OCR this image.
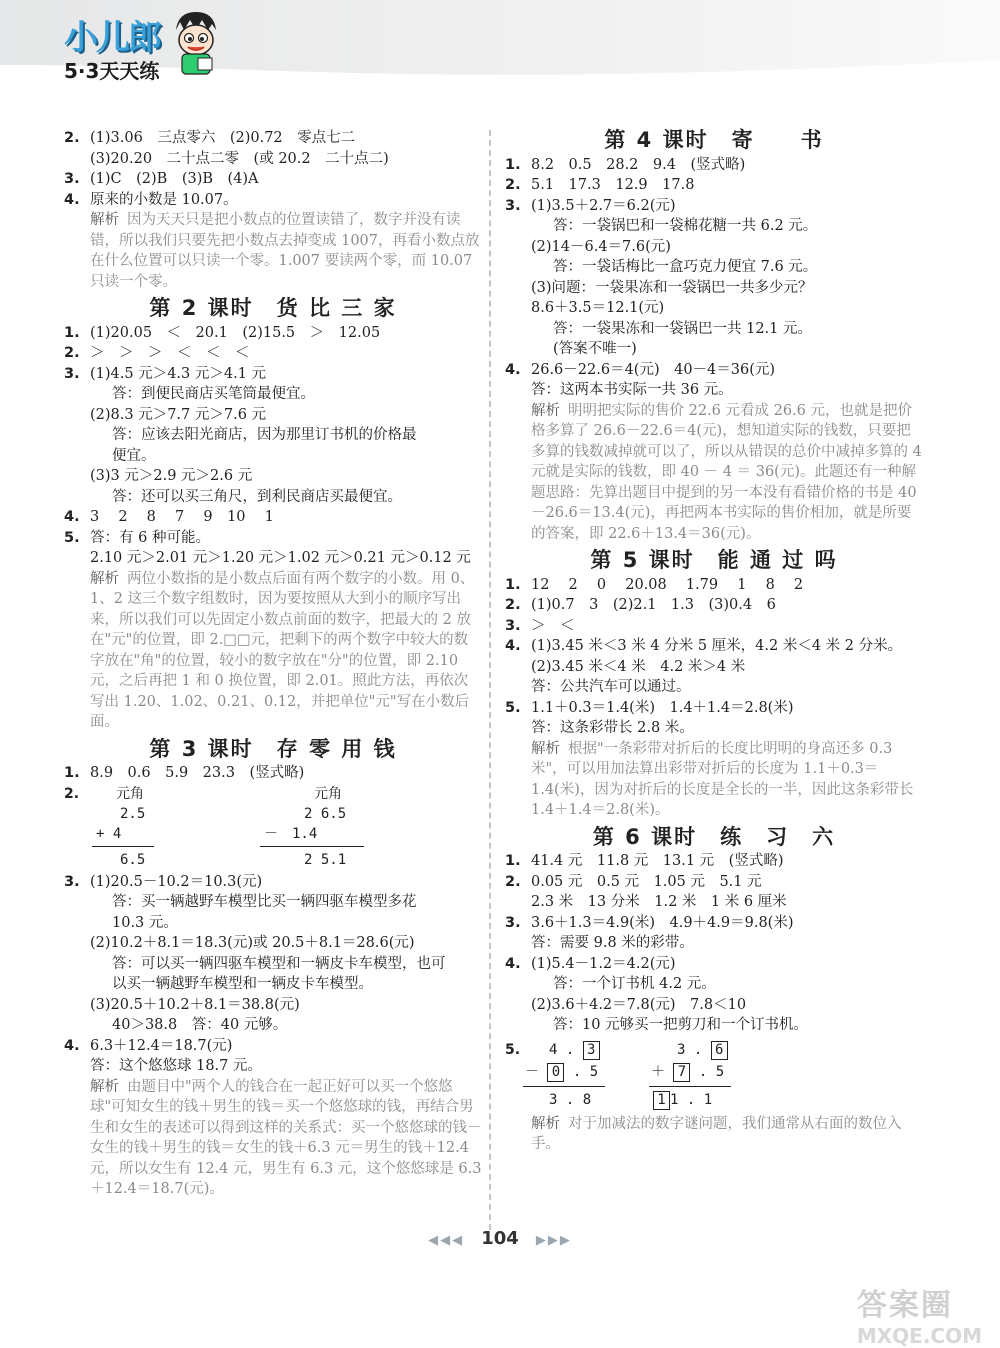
小儿郎
5·3天天练
2. (1)3.06　三点零六　(2)0.72　零点七二
(3)20.20　二十点二零　(或 20.2　二十点二)
3. (1)C　(2)B　(3)B　(4)A
4. 原来的小数是 10.07。
解析 因为天天只是把小数点的位置读错了，数字并没有读错，所以我们只要先把小数点去掉变成 1007，再看小数点放在什么位置可以只读一个零。1.007 要读两个零，而 10.07 只读一个零。
第 2 课时　货 比 三 家
1. (1)20.05　＜　20.1　(2)15.5　＞　12.05
2. ＞　＞　＞　＜　＜　＜
3. (1)4.5 元＞4.3 元＞4.1 元
答：到便民商店买笔筒最便宜。
(2)8.3 元＞7.7 元＞7.6 元
答：应该去阳光商店，因为那里订书机的价格最
便宜。
(3)3 元＞2.9 元＞2.6 元
答：还可以买三角尺，到利民商店买最便宜。
4. 3　 2　 8　 7　 9　10　 1
5. 答：有 6 种可能。
2.10 元＞2.01 元＞1.20 元＞1.02 元＞0.21 元＞0.12 元
解析 两位小数指的是小数点后面有两个数字的小数。用 0、1、2 这三个数字组数时，因为要按照从大到小的顺序写出来，所以我们可以先固定小数点前面的数字，把最大的 2 放在"元"的位置，即 2.□□元，把剩下的两个数字中较大的数字放在"角"的位置，较小的数字放在"分"的位置，即 2.10 元，之后再把 1 和 0 换位置，即 2.01。照此方法，再依次写出 1.20、1.02、0.21、0.12，并把单位"元"写在小数后面。
第 3 课时　存 零 用 钱
1. 8.9　0.6　5.9　23.3　(竖式略)
2.	元角
2.5
+ 4
6.5
元角
2 6.5
－　1.4
2 5.1
3. (1)20.5－10.2＝10.3(元)
答：买一辆越野车模型比买一辆四驱车模型多花
10.3 元。
(2)10.2＋8.1＝18.3(元)或 20.5＋8.1＝28.6(元)
答：可以买一辆四驱车模型和一辆皮卡车模型，也可
以买一辆越野车模型和一辆皮卡车模型。
(3)20.5＋10.2＋8.1＝38.8(元)
40＞38.8　答：40 元够。
4. 6.3＋12.4＝18.7(元)
答：这个悠悠球 18.7 元。
解析 由题目中"两个人的钱合在一起正好可以买一个悠悠球"可知女生的钱＋男生的钱＝买一个悠悠球的钱，再结合男生和女生的表述可以得到这样的关系式：买一个悠悠球的钱－女生的钱＋男生的钱＝女生的钱＋6.3 元＝男生的钱＋12.4 元，所以女生有 12.4 元，男生有 6.3 元，这个悠悠球是 6.3＋12.4＝18.7(元)。
第 4 课时　寄　　书
1. 8.2　0.5　28.2　9.4　(竖式略)
2. 5.1　17.3　12.9　17.8
3. (1)3.5＋2.7＝6.2(元)
答：一袋锅巴和一袋棉花糖一共 6.2 元。
(2)14－6.4＝7.6(元)
答：一袋话梅比一盒巧克力便宜 7.6 元。
(3)问题：一袋果冻和一袋锅巴一共多少元？
8.6＋3.5＝12.1(元)
答：一袋果冻和一袋锅巴一共 12.1 元。
(答案不唯一)
4. 26.6－22.6＝4(元)　40－4＝36(元)
答：这两本书实际一共 36 元。
解析 明明把实际的售价 22.6 元看成 26.6 元，也就是把价格多算了 26.6－22.6＝4(元)，想知道实际的钱数，只要把多算的钱数减掉就可以了，所以从错误的总价中减掉多算的 4 元就是实际的钱数，即 40 － 4 ＝ 36(元)。此题还有一种解题思路：先算出题目中提到的另一本没有看错价格的书是 40－26.6＝13.4(元)，再把两本书实际的售价相加，就是所要的答案，即 22.6＋13.4＝36(元)。
第 5 课时　能 通 过 吗
1. 12　 2　 0　 20.08　 1.79　 1　 8　 2
2. (1)0.7　3　(2)2.1　1.3　(3)0.4　6
3. ＞　＜
4. (1)3.45 米＜3 米 4 分米 5 厘米，4.2 米＜4 米 2 分米。
(2)3.45 米＜4 米　4.2 米＞4 米
答：公共汽车可以通过。
5. 1.1＋0.3＝1.4(米)　1.4＋1.4＝2.8(米)
答：这条彩带长 2.8 米。
解析 根据"一条彩带对折后的长度比明明的身高还多 0.3 米"，可以用加法算出彩带对折后的长度为 1.1＋0.3＝1.4(米)，因为对折后的长度是全长的一半，因此这条彩带长 1.4＋1.4＝2.8(米)。
第 6 课时　练　习　六
1. 41.4 元　11.8 元　13.1 元　(竖式略)
2. 0.05 元　0.5 元　1.05 元　5.1 元
2.3 米　13 分米　1.2 米　1 米 6 厘米
3. 3.6＋1.3＝4.9(米)　4.9＋4.9＝9.8(米)
答：需要 9.8 米的彩带。
4. (1)5.4－1.2＝4.2(元)
答：一个订书机 4.2 元。
(2)3.6＋4.2＝7.8(元)　7.8＜10
答：10 元够买一把剪刀和一个订书机。
5.	4 . 3
－ 0 . 5
3 . 8
3 . 6
＋ 7 . 5
1 1 . 1
解析 对于加减法的数字谜问题，我们通常从右面的数位入手。
◀◀◀ 104 ▶▶▶
答案圈
MXQE.COM
